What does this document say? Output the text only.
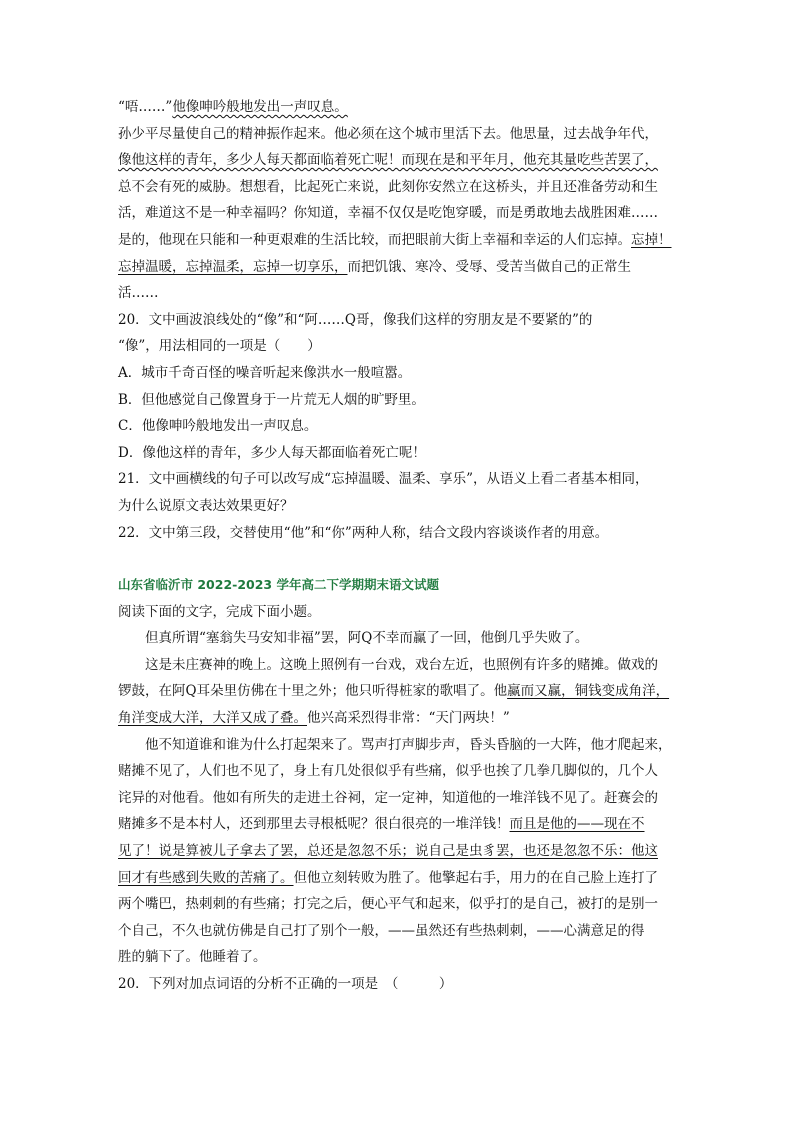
“唔……”他像呻吟般地发出一声叹息。

孙少平尽量使自己的精神振作起来。他必须在这个城市里活下去。他思量，过去战争年代，

像他这样的青年，多少人每天都面临着死亡呢！而现在是和平年月，他充其量吃些苦罢了，

总不会有死的威胁。想想看，比起死亡来说，此刻你安然立在这桥头，并且还准备劳动和生

活，难道这不是一种幸福吗？你知道，幸福不仅仅是吃饱穿暖，而是勇敢地去战胜困难……

是的，他现在只能和一种更艰难的生活比较，而把眼前大街上幸福和幸运的人们忘掉。忘掉！

忘掉温暖，忘掉温柔，忘掉一切享乐，而把饥饿、寒冷、受辱、受苦当做自己的正常生

活……

20．文中画波浪线处的“像”和“阿……Q哥，像我们这样的穷朋友是不要紧的”的

“像”，用法相同的一项是（　　）

A．城市千奇百怪的噪音听起来像洪水一般喧嚣。

B．但他感觉自己像置身于一片荒无人烟的旷野里。

C．他像呻吟般地发出一声叹息。

D．像他这样的青年，多少人每天都面临着死亡呢！

21．文中画横线的句子可以改写成“忘掉温暖、温柔、享乐”，从语义上看二者基本相同，

为什么说原文表达效果更好？

22．文中第三段，交替使用“他”和“你”两种人称，结合文段内容谈谈作者的用意。

山东省临沂市 2022-2023 学年高二下学期期末语文试题

阅读下面的文字，完成下面小题。

但真所谓“塞翁失马安知非福”罢，阿Q不幸而赢了一回，他倒几乎失败了。

这是未庄赛神的晚上。这晚上照例有一台戏，戏台左近，也照例有许多的赌摊。做戏的

锣鼓，在阿Q耳朵里仿佛在十里之外；他只听得桩家的歌唱了。他赢而又赢，铜钱变成角洋，

角洋变成大洋，大洋又成了叠。他兴高采烈得非常：“天门两块！”

他不知道谁和谁为什么打起架来了。骂声打声脚步声，昏头昏脑的一大阵，他才爬起来，

赌摊不见了，人们也不见了，身上有几处很似乎有些痛，似乎也挨了几拳几脚似的，几个人

诧异的对他看。他如有所失的走进土谷祠，定一定神，知道他的一堆洋钱不见了。赶赛会的

赌摊多不是本村人，还到那里去寻根柢呢？很白很亮的一堆洋钱！而且是他的——现在不

见了！说是算被儿子拿去了罢，总还是忽忽不乐；说自己是虫豸罢，也还是忽忽不乐：他这

回才有些感到失败的苦痛了。但他立刻转败为胜了。他擎起右手，用力的在自己脸上连打了

两个嘴巴，热刺刺的有些痛；打完之后，便心平气和起来，似乎打的是自己，被打的是别一

个自己，不久也就仿佛是自己打了别个一般，——虽然还有些热刺刺，——心满意足的得

胜的躺下了。他睡着了。

20．下列对加点词语的分析不正确的一项是　（　　　）
